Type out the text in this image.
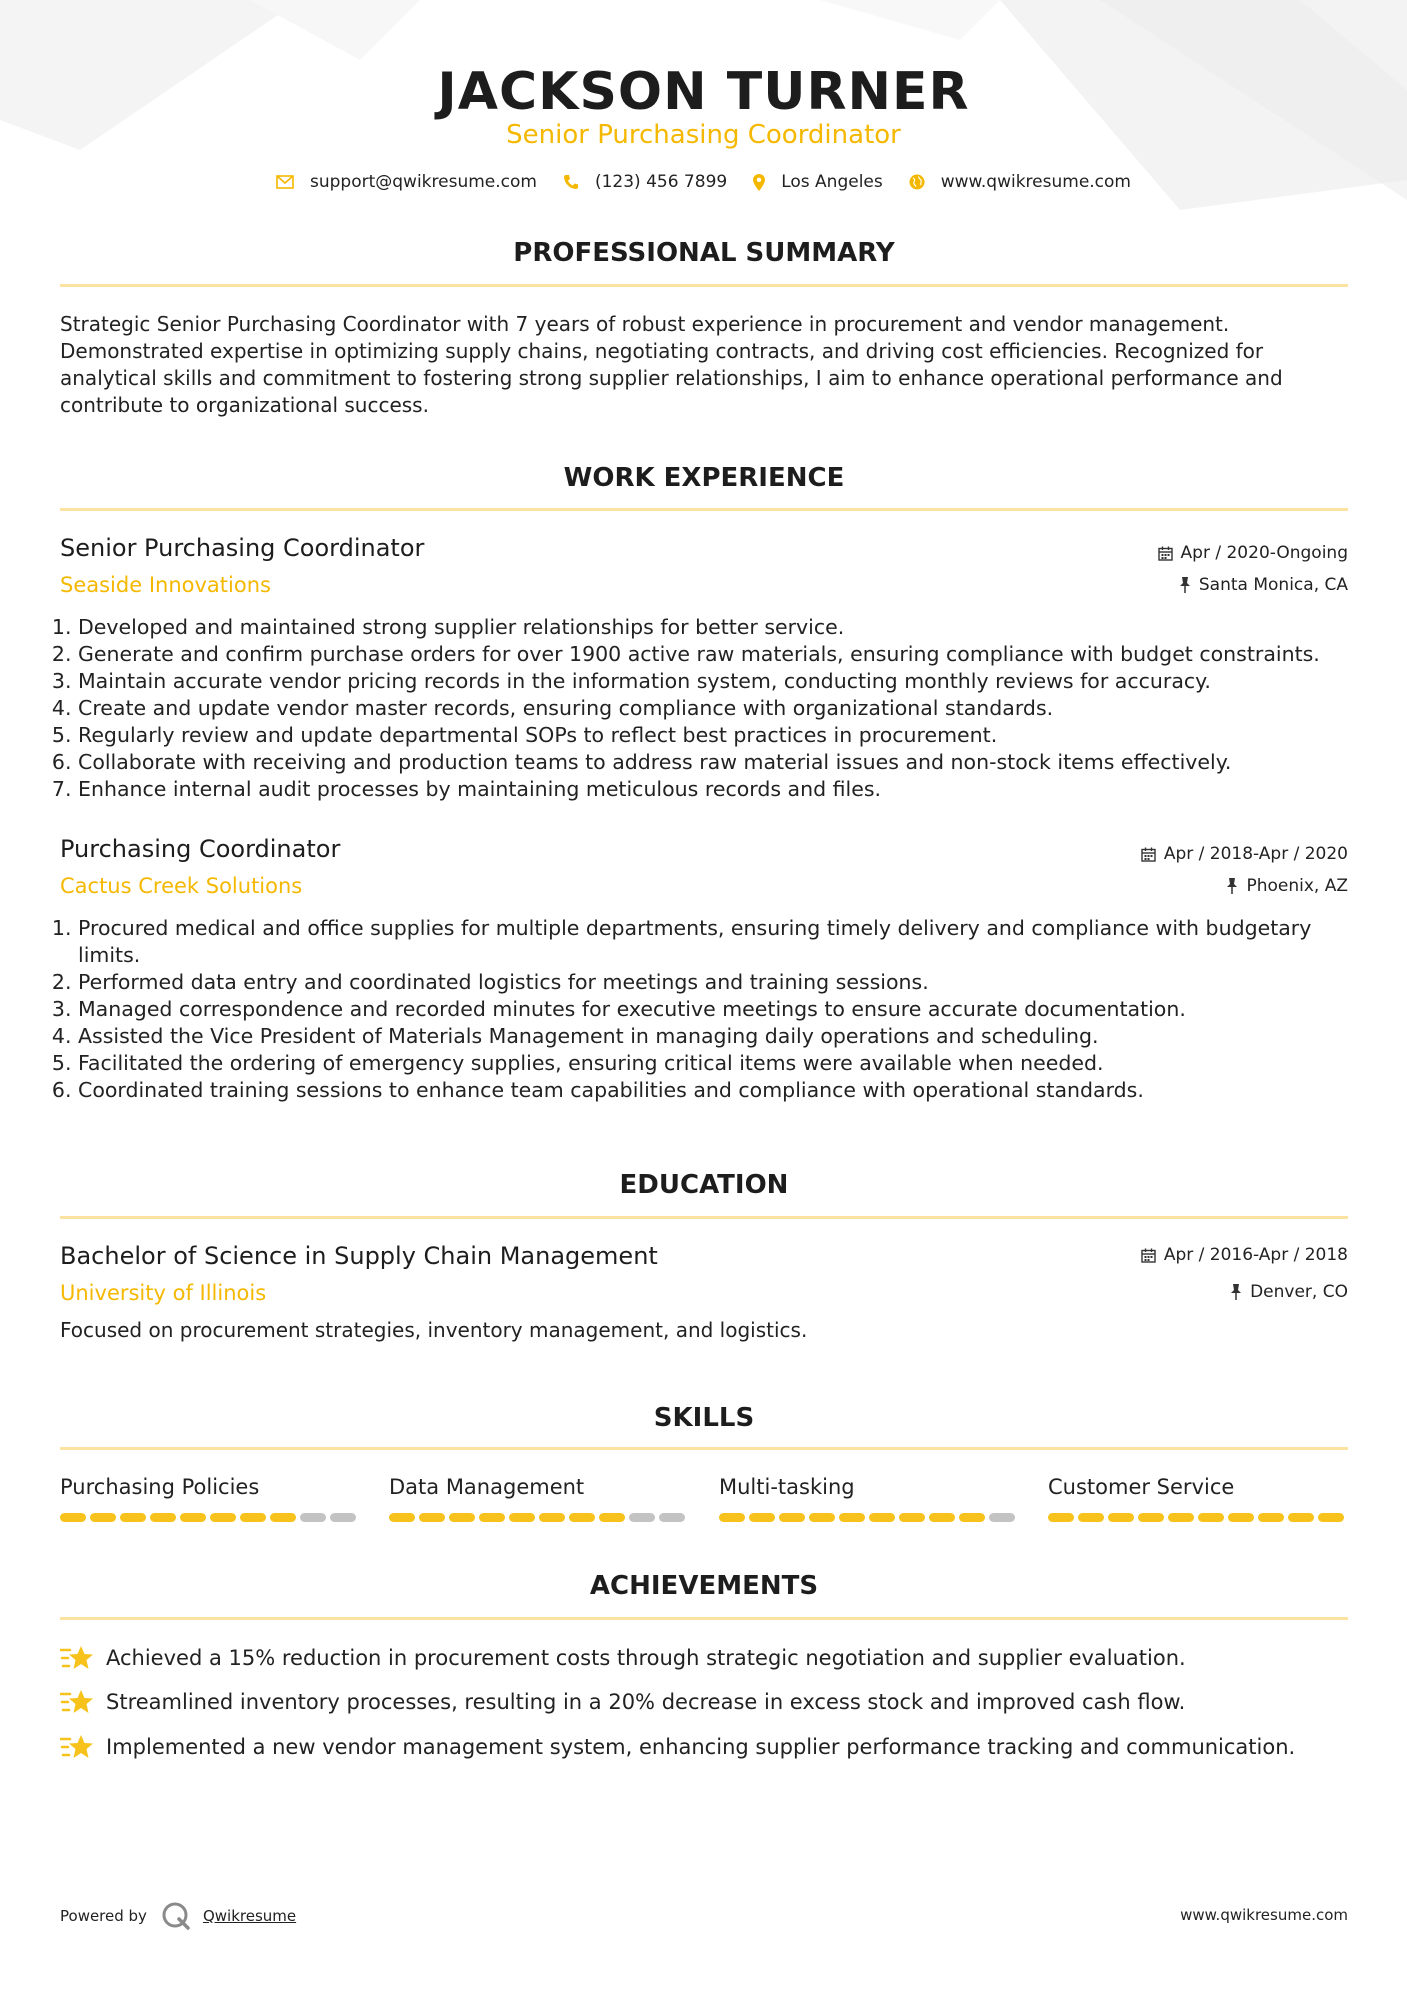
JACKSON TURNER
Senior Purchasing Coordinator
support@qwikresume.com	(123) 456 7899	Los Angeles	www.qwikresume.com
PROFESSIONAL SUMMARY
Strategic Senior Purchasing Coordinator with 7 years of robust experience in procurement and vendor management. Demonstrated expertise in optimizing supply chains, negotiating contracts, and driving cost efficiencies. Recognized for analytical skills and commitment to fostering strong supplier relationships, I aim to enhance operational performance and contribute to organizational success.
WORK EXPERIENCE
Senior Purchasing Coordinator
Seaside Innovations
Apr / 2020-Ongoing
Santa Monica, CA
1. Developed and maintained strong supplier relationships for better service.
2. Generate and confirm purchase orders for over 1900 active raw materials, ensuring compliance with budget constraints.
3. Maintain accurate vendor pricing records in the information system, conducting monthly reviews for accuracy.
4. Create and update vendor master records, ensuring compliance with organizational standards.
5. Regularly review and update departmental SOPs to reflect best practices in procurement.
6. Collaborate with receiving and production teams to address raw material issues and non-stock items effectively.
7. Enhance internal audit processes by maintaining meticulous records and files.
Purchasing Coordinator
Cactus Creek Solutions
Apr / 2018-Apr / 2020
Phoenix, AZ
1. Procured medical and office supplies for multiple departments, ensuring timely delivery and compliance with budgetary limits.
2. Performed data entry and coordinated logistics for meetings and training sessions.
3. Managed correspondence and recorded minutes for executive meetings to ensure accurate documentation.
4. Assisted the Vice President of Materials Management in managing daily operations and scheduling.
5. Facilitated the ordering of emergency supplies, ensuring critical items were available when needed.
6. Coordinated training sessions to enhance team capabilities and compliance with operational standards.
EDUCATION
Bachelor of Science in Supply Chain Management
University of Illinois
Apr / 2016-Apr / 2018
Denver, CO
Focused on procurement strategies, inventory management, and logistics.
SKILLS
Purchasing Policies	Data Management	Multi-tasking	Customer Service
ACHIEVEMENTS
Achieved a 15% reduction in procurement costs through strategic negotiation and supplier evaluation.
Streamlined inventory processes, resulting in a 20% decrease in excess stock and improved cash flow.
Implemented a new vendor management system, enhancing supplier performance tracking and communication.
Powered by	Qwikresume	www.qwikresume.com
